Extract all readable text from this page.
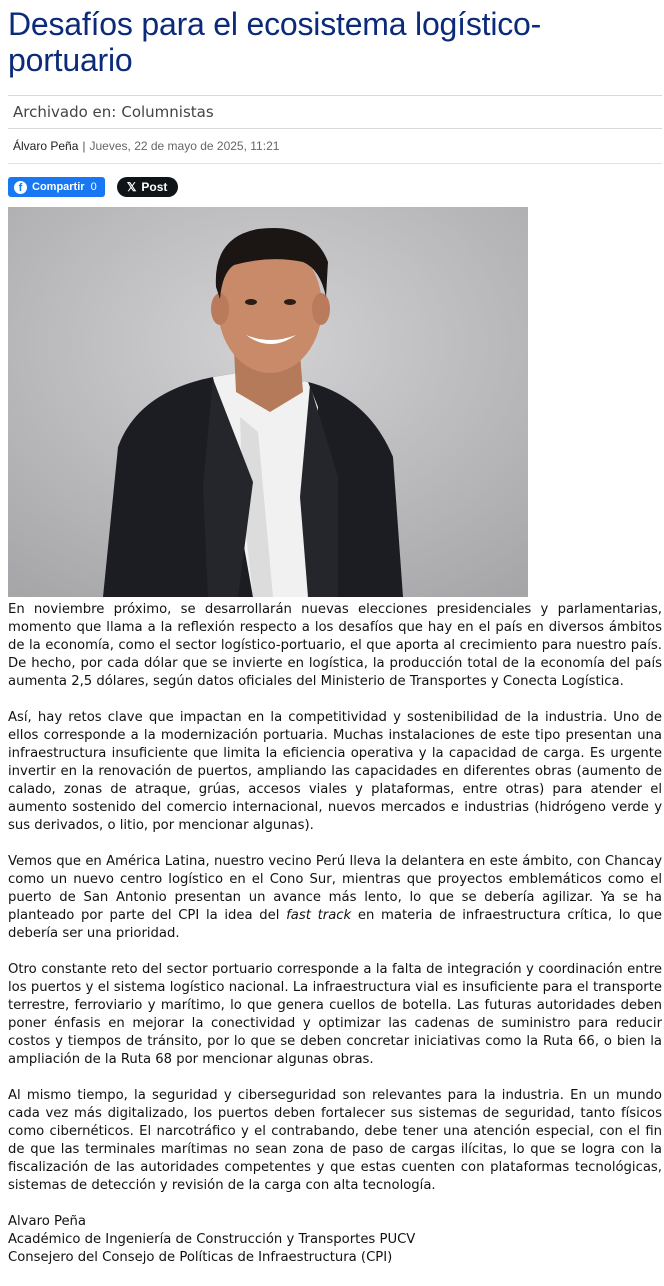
Desafíos para el ecosistema logístico-portuario
Archivado en: Columnistas
Álvaro Peña | Jueves, 22 de mayo de 2025, 11:21
f Compartir 0	𝕏 Post

En noviembre próximo, se desarrollarán nuevas elecciones presidenciales y parlamentarias, momento que llama a la reflexión respecto a los desafíos que hay en el país en diversos ámbitos de la economía, como el sector logístico-portuario, el que aporta al crecimiento para nuestro país. De hecho, por cada dólar que se invierte en logística, la producción total de la economía del país aumenta 2,5 dólares, según datos oficiales del Ministerio de Transportes y Conecta Logística.

Así, hay retos clave que impactan en la competitividad y sostenibilidad de la industria. Uno de ellos corresponde a la modernización portuaria. Muchas instalaciones de este tipo presentan una infraestructura insuficiente que limita la eficiencia operativa y la capacidad de carga. Es urgente invertir en la renovación de puertos, ampliando las capacidades en diferentes obras (aumento de calado, zonas de atraque, grúas, accesos viales y plataformas, entre otras) para atender el aumento sostenido del comercio internacional, nuevos mercados e industrias (hidrógeno verde y sus derivados, o litio, por mencionar algunas).

Vemos que en América Latina, nuestro vecino Perú lleva la delantera en este ámbito, con Chancay como un nuevo centro logístico en el Cono Sur, mientras que proyectos emblemáticos como el puerto de San Antonio presentan un avance más lento, lo que se debería agilizar. Ya se ha planteado por parte del CPI la idea del fast track en materia de infraestructura crítica, lo que debería ser una prioridad.

Otro constante reto del sector portuario corresponde a la falta de integración y coordinación entre los puertos y el sistema logístico nacional. La infraestructura vial es insuficiente para el transporte terrestre, ferroviario y marítimo, lo que genera cuellos de botella. Las futuras autoridades deben poner énfasis en mejorar la conectividad y optimizar las cadenas de suministro para reducir costos y tiempos de tránsito, por lo que se deben concretar iniciativas como la Ruta 66, o bien la ampliación de la Ruta 68 por mencionar algunas obras.

Al mismo tiempo, la seguridad y ciberseguridad son relevantes para la industria. En un mundo cada vez más digitalizado, los puertos deben fortalecer sus sistemas de seguridad, tanto físicos como cibernéticos. El narcotráfico y el contrabando, debe tener una atención especial, con el fin de que las terminales marítimas no sean zona de paso de cargas ilícitas, lo que se logra con la fiscalización de las autoridades competentes y que estas cuenten con plataformas tecnológicas, sistemas de detección y revisión de la carga con alta tecnología.

Alvaro Peña
Académico de Ingeniería de Construcción y Transportes PUCV
Consejero del Consejo de Políticas de Infraestructura (CPI)
